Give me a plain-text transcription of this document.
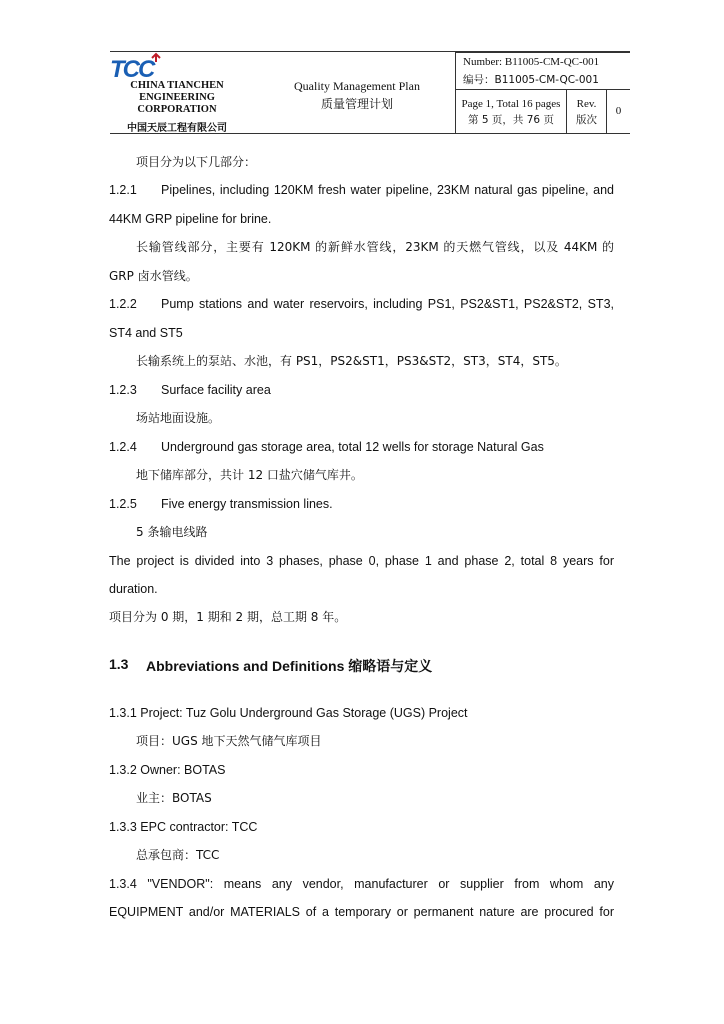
TCC
CHINA TIANCHEN
ENGINEERING
CORPORATION
中国天辰工程有限公司
Quality Management Plan
质量管理计划
Number: B11005-CM-QC-001
编号：B11005-CM-QC-001
Page 1, Total 16 pages
第 5 页，共 76 页
Rev.
版次
0
项目分为以下几部分：
1.2.1 Pipelines, including 120KM fresh water pipeline, 23KM natural gas pipeline, and
44KM GRP pipeline for brine.
长输管线部分，主要有 120KM 的新鲜水管线，23KM 的天燃气管线，以及 44KM 的
GRP 卤水管线。
1.2.2 Pump stations and water reservoirs, including PS1, PS2&ST1, PS2&ST2, ST3,
ST4 and ST5
长输系统上的泵站、水池，有 PS1，PS2&ST1，PS3&ST2，ST3，ST4，ST5。
1.2.3 Surface facility area
场站地面设施。
1.2.4 Underground gas storage area, total 12 wells for storage Natural Gas
地下储库部分，共计 12 口盐穴储气库井。
1.2.5 Five energy transmission lines.
5 条输电线路
The project is divided into 3 phases, phase 0, phase 1 and phase 2, total 8 years for
duration.
项目分为 0 期，1 期和 2 期，总工期 8 年。
1.3 Abbreviations and Definitions 缩略语与定义
1.3.1 Project: Tuz Golu Underground Gas Storage (UGS) Project
项目：UGS 地下天然气储气库项目
1.3.2 Owner: BOTAS
业主：BOTAS
1.3.3 EPC contractor: TCC
总承包商：TCC
1.3.4  "VENDOR":  means  any  vendor,  manufacturer  or  supplier  from  whom  any
EQUIPMENT and/or MATERIALS of a temporary or permanent nature are procured for
